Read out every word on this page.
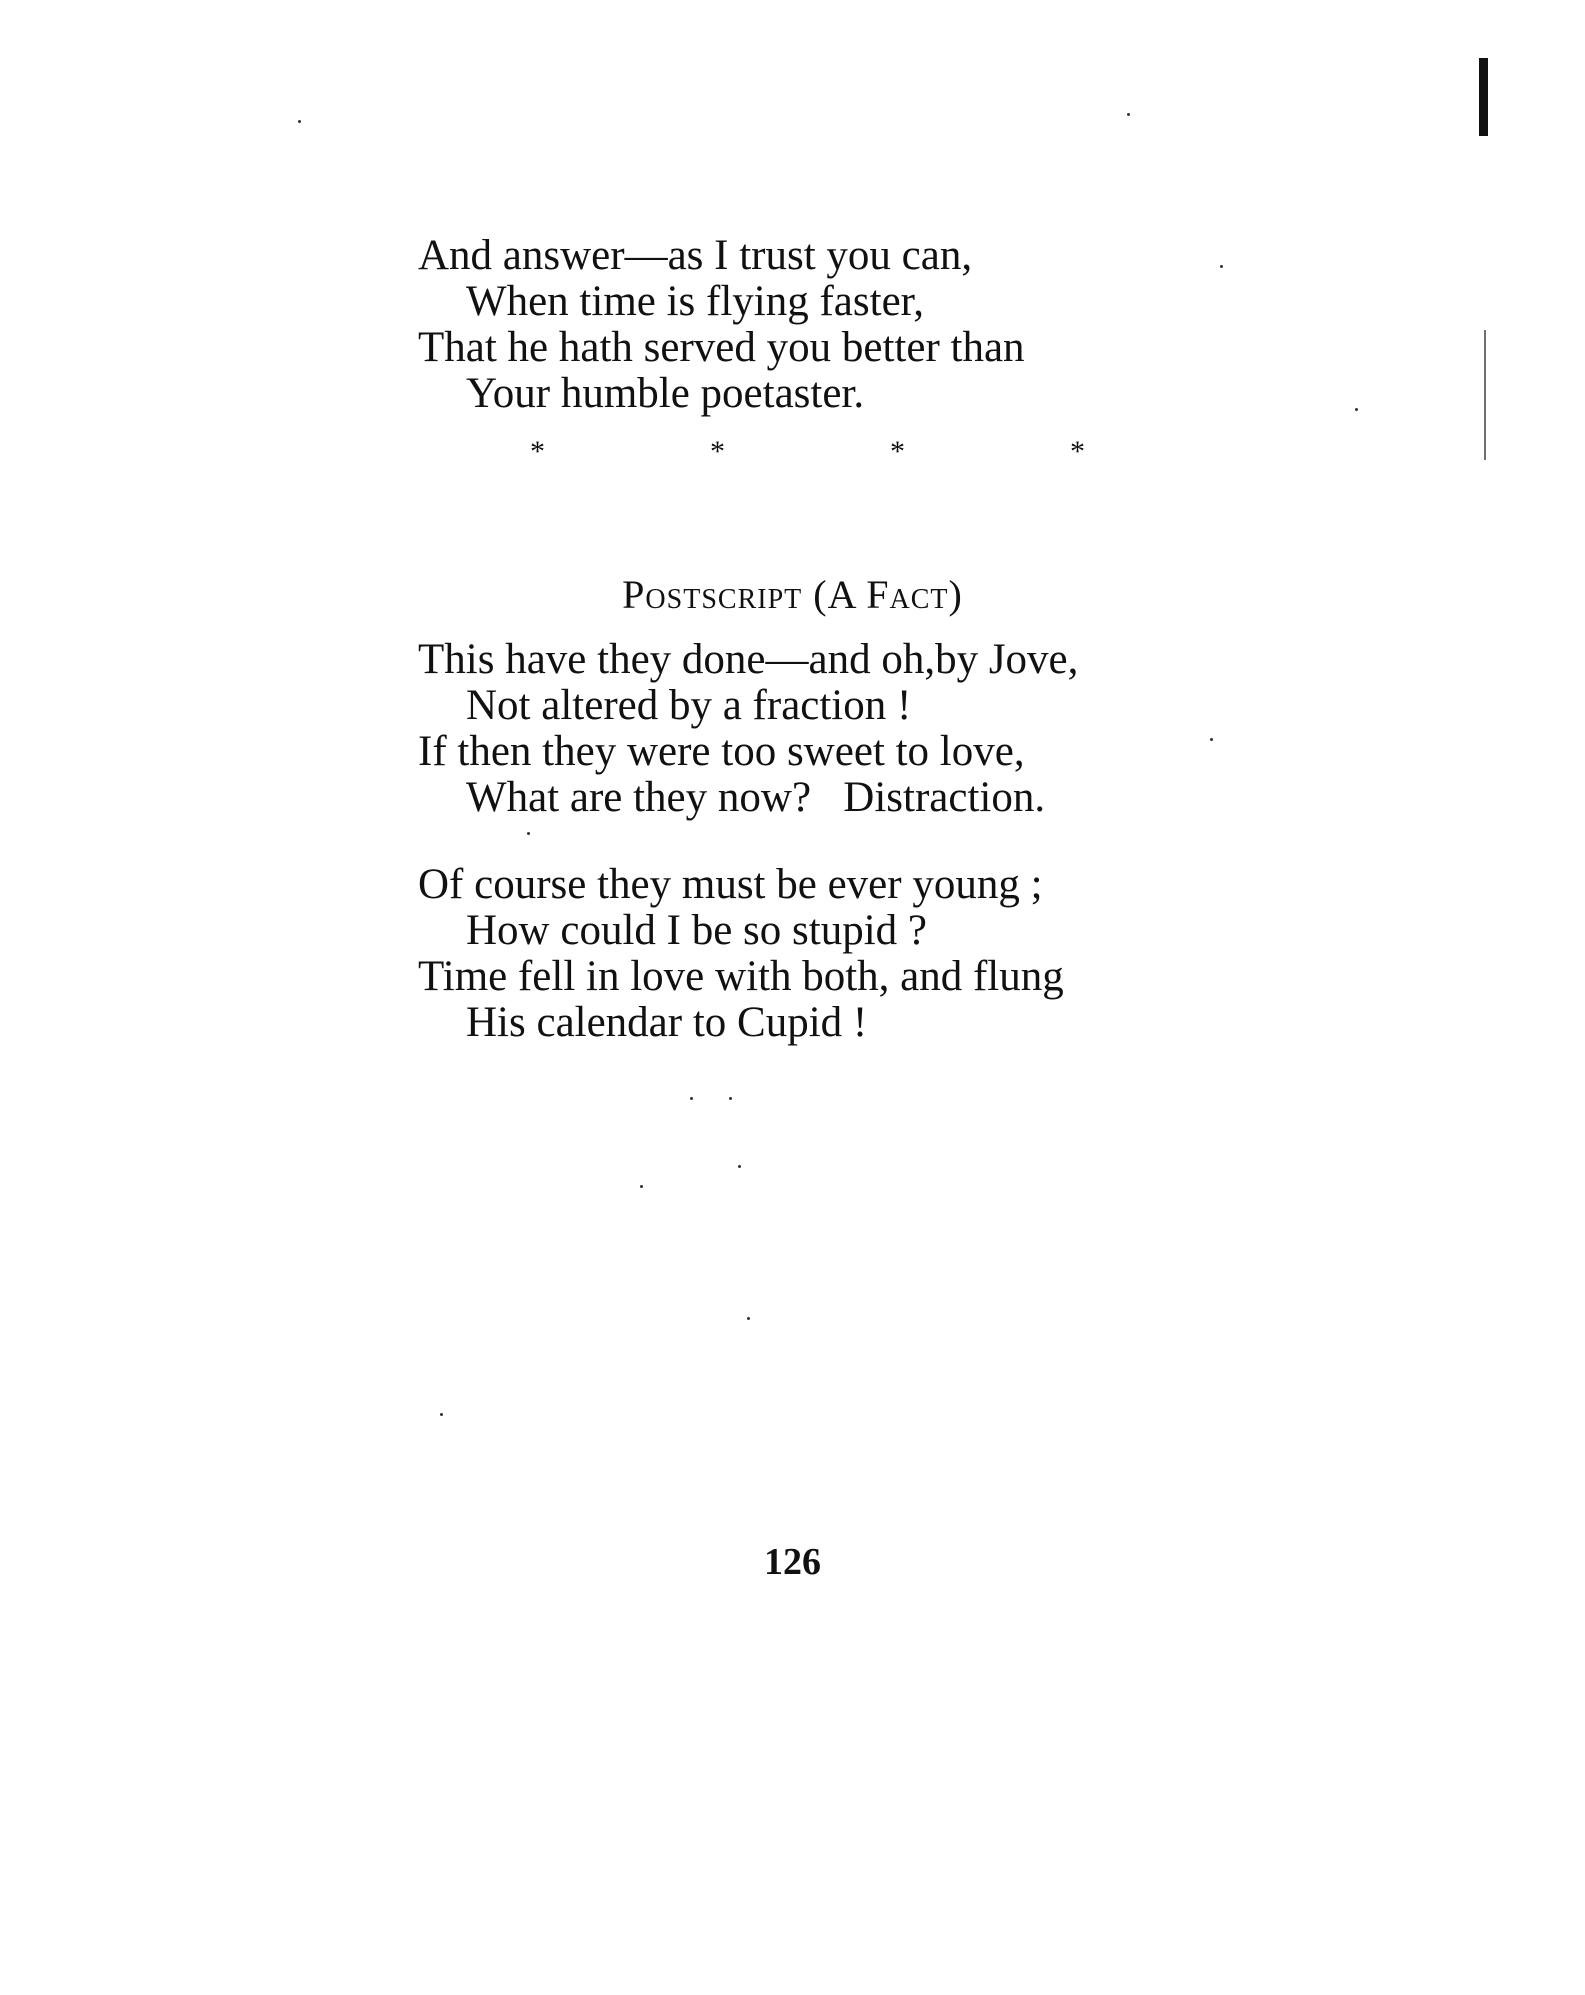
And answer—as I trust you can,
When time is flying faster,
That he hath served you better than
Your humble poetaster.
*	*	*	*
Postscript (A Fact)
This have they done—and oh,by Jove,
Not altered by a fraction !
If then they were too sweet to love,
What are they now?   Distraction.
Of course they must be ever young ;
How could I be so stupid ?
Time fell in love with both, and flung
His calendar to Cupid !
126
